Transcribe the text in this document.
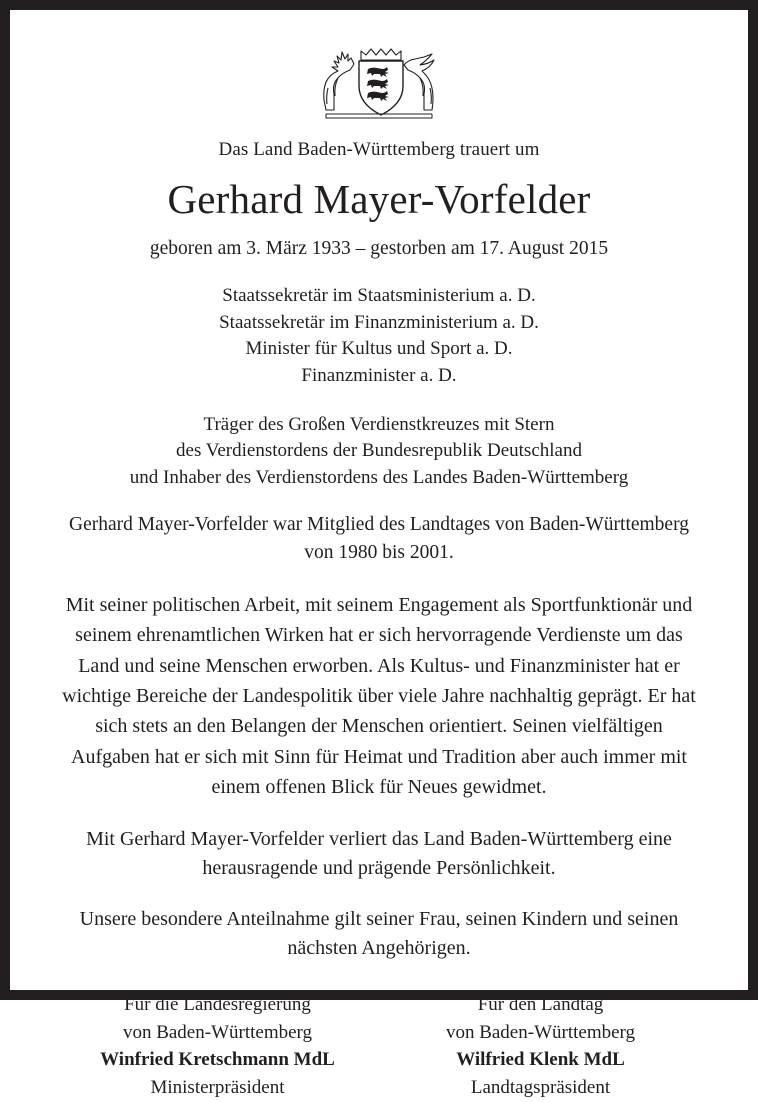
Das Land Baden-Württemberg trauert um
Gerhard Mayer-Vorfelder
geboren am 3. März 1933 – gestorben am 17. August 2015
Staatssekretär im Staatsministerium a. D.
Staatssekretär im Finanzministerium a. D.
Minister für Kultus und Sport a. D.
Finanzminister a. D.
Träger des Großen Verdienstkreuzes mit Stern
des Verdienstordens der Bundesrepublik Deutschland
und Inhaber des Verdienstordens des Landes Baden-Württemberg
Gerhard Mayer-Vorfelder war Mitglied des Landtages von Baden-Württemberg
von 1980 bis 2001.
Mit seiner politischen Arbeit, mit seinem Engagement als Sportfunktionär und seinem ehrenamtlichen Wirken hat er sich hervorragende Verdienste um das Land und seine Menschen erworben. Als Kultus- und Finanzminister hat er wichtige Bereiche der Landespolitik über viele Jahre nachhaltig geprägt. Er hat sich stets an den Belangen der Menschen orientiert. Seinen vielfältigen Aufgaben hat er sich mit Sinn für Heimat und Tradition aber auch immer mit einem offenen Blick für Neues gewidmet.
Mit Gerhard Mayer-Vorfelder verliert das Land Baden-Württemberg eine herausragende und prägende Persönlichkeit.
Unsere besondere Anteilnahme gilt seiner Frau, seinen Kindern und seinen nächsten Angehörigen.
Für die Landesregierung
von Baden-Württemberg
Winfried Kretschmann MdL
Ministerpräsident
Für den Landtag
von Baden-Württemberg
Wilfried Klenk MdL
Landtagspräsident
